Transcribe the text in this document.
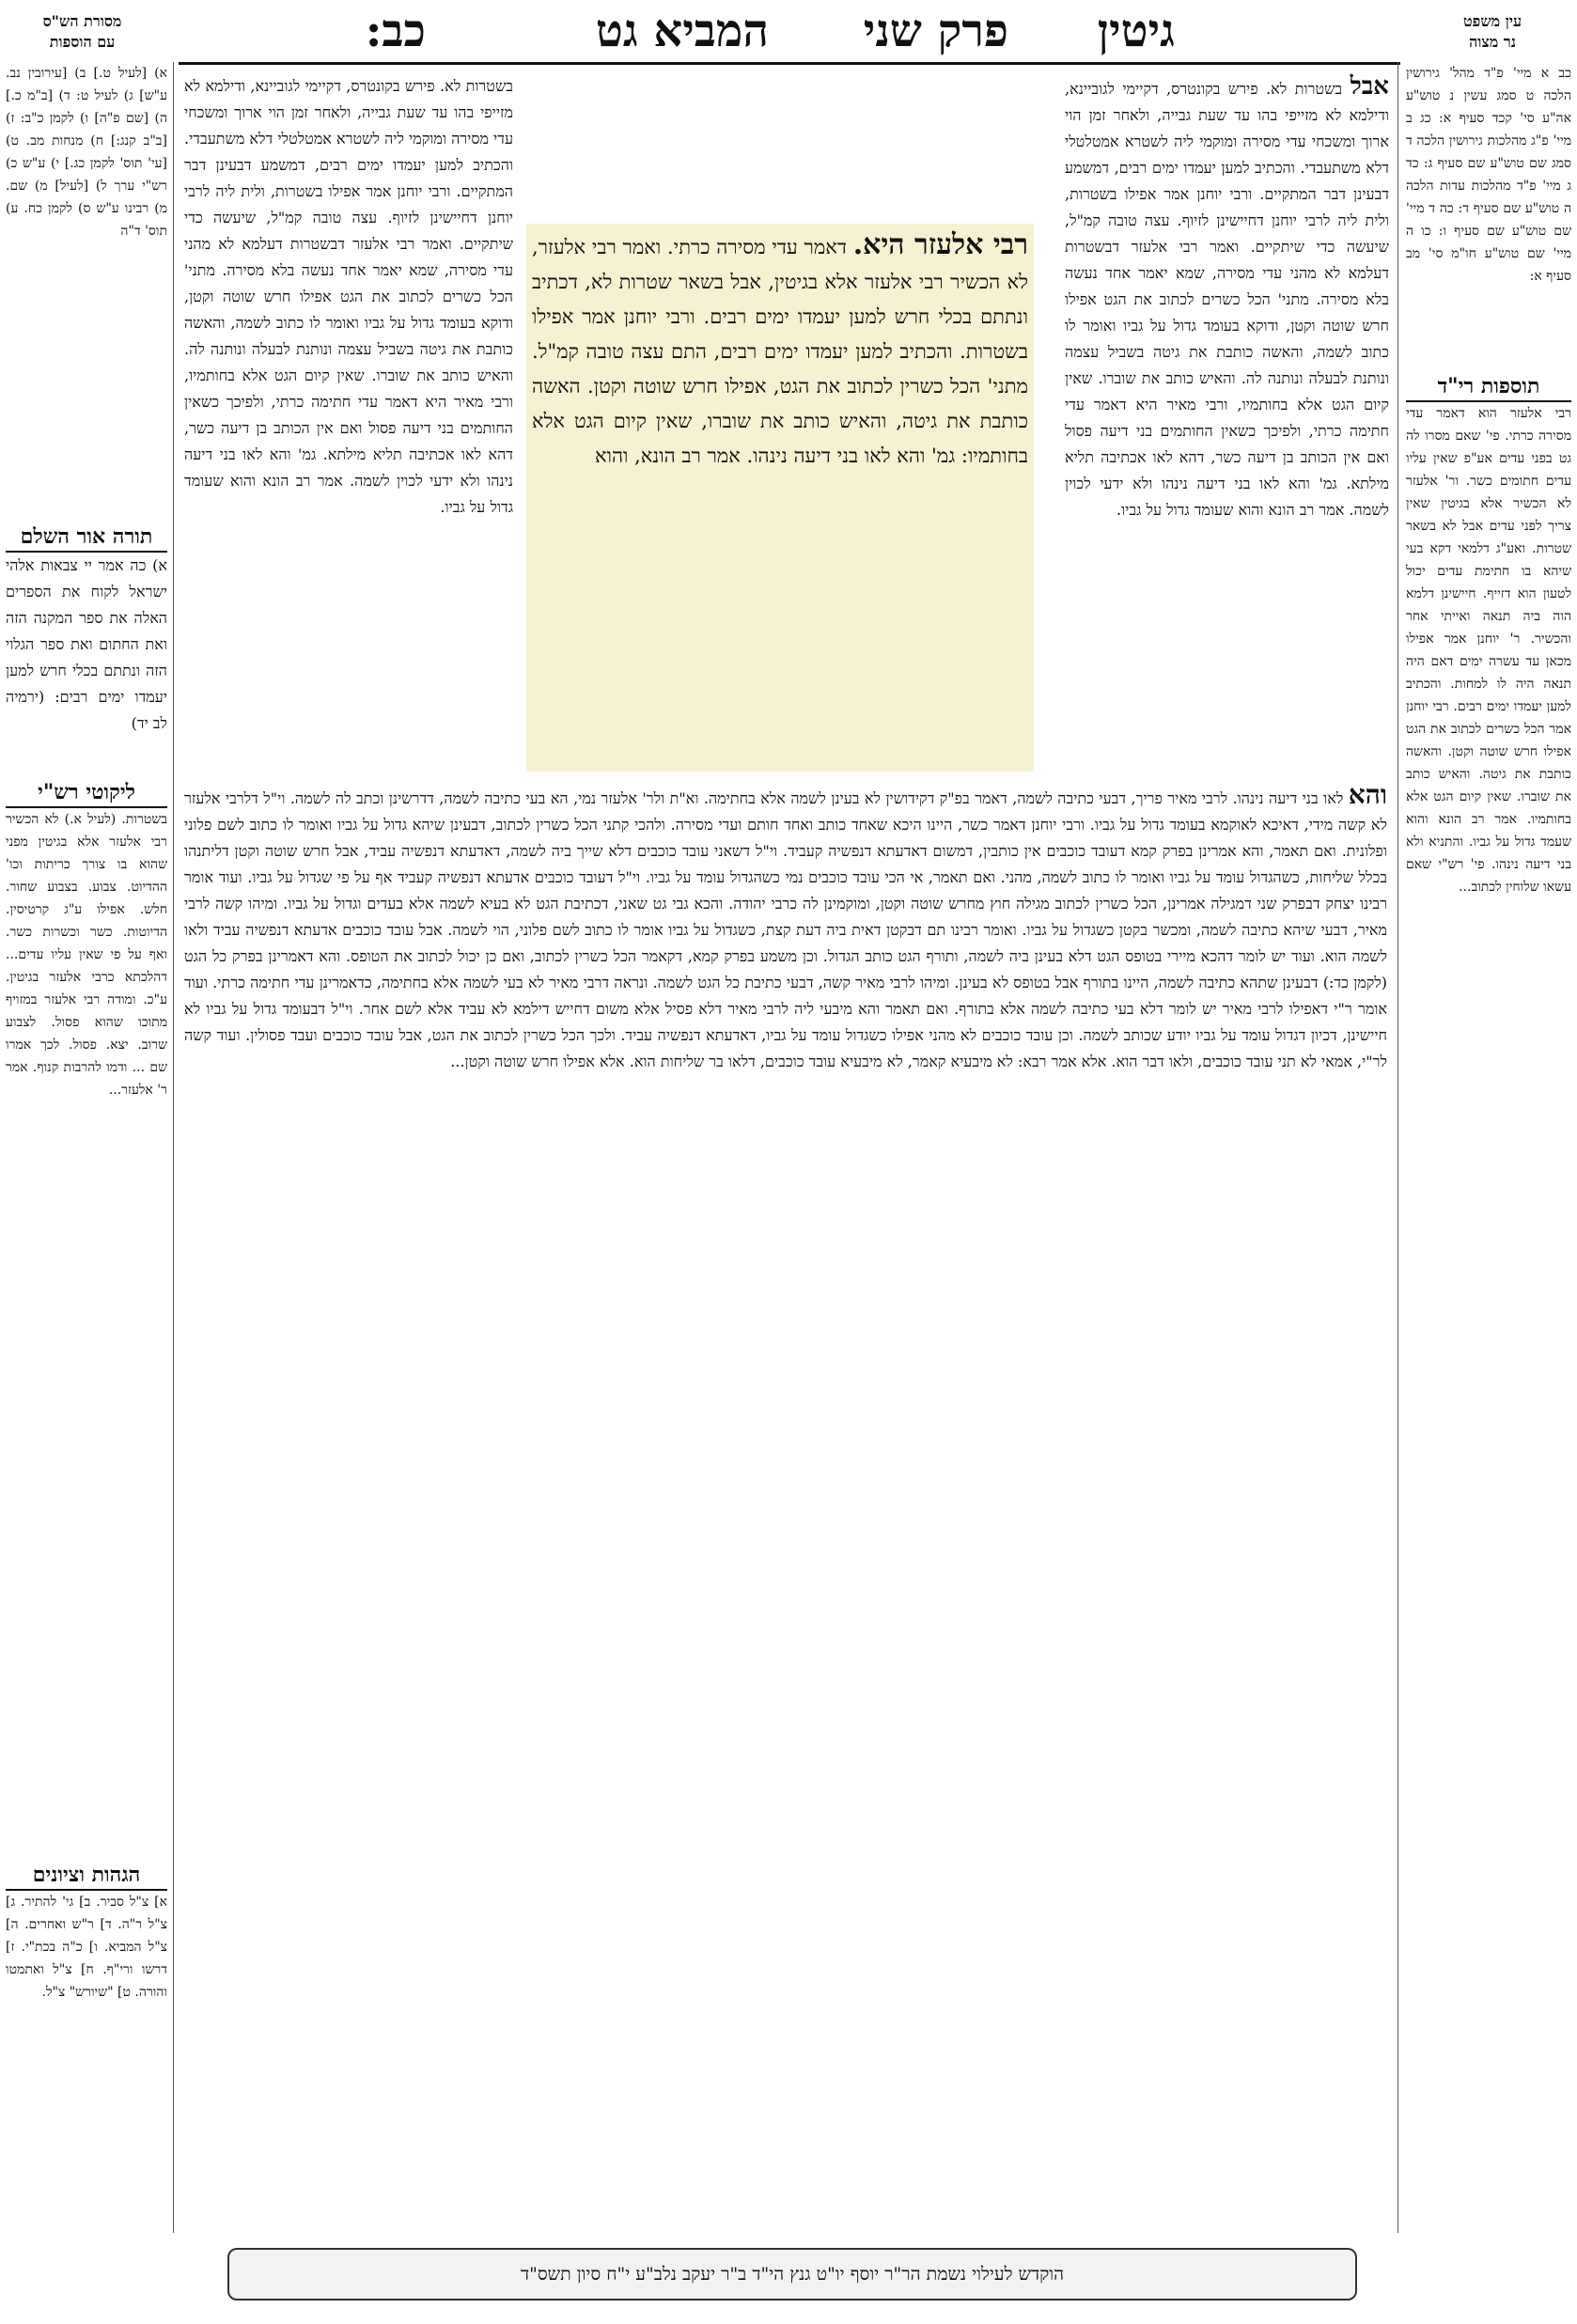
כב:	המביא גט פרק שני גיטין
מסורת הש"ס
עם הוספות
עין משפט
נר מצוה
א) [לעיל ט.] ב) [עירובין נב. ע"ש] ג) לעיל ט: ד) [ב"מ כ.] ה) [שם פ"ה] ו) לקמן כ"ב: ז) [ב"ב קנג:] ח) מנחות מב. ט) [עי' תוס' לקמן כג.] י) ע"ש כ) רש"י ערך ל) [לעיל] מ) שם. מ) רבינו ע"ש ס) לקמן כח. ע) תוס' ד"ה
תורה אור השלם
א) כה אמר יי צבאות אלהי ישראל לקוח את הספרים האלה את ספר המקנה הזה ואת החתום ואת ספר הגלוי הזה ונתתם בכלי חרש למען יעמדו ימים רבים: (ירמיה לב יד)
ליקוטי רש"י
בשטרות. (לעיל א.) לא הכשיר רבי אלעזר אלא בגיטין מפני שהוא בו צורך כריתות וכו' ההדיוט. צבוע. בצבוע שחור. חלש. אפילו ע"ג קרטיסין. הדיוטות. כשר וכשרות כשר. ואף על פי שאין עליו עדים... דהלכתא כרבי אלעזר בגיטין. ע"כ. ומודה רבי אלעזר במזויף מתוכו שהוא פסול. לצבוע שרוב. יצא. פסול. לכך אמרו שם ... ודמו להרבות קנוף. אמר ר' אלעזר...
הגהות וציונים
א] צ"ל סביר. ב] גי' להתיר. ג] צ"ל ר"ה. ד] ר"ש ואחרים. ה] צ"ל המביא. ו] כ"ה בכת"י. ז] דרשו ורי"ף. ח] צ"ל ואתמטו והורה. ט] "שיורש" צ"ל.
כב א מיי' פ"ד מהל' גירושין הלכה ט סמג עשין נ טוש"ע אה"ע סי' קכד סעיף א: כג ב מיי' פ"ג מהלכות גירושין הלכה ד סמג שם טוש"ע שם סעיף ג: כד ג מיי' פ"ד מהלכות עדות הלכה ה טוש"ע שם סעיף ד: כה ד מיי' שם טוש"ע שם סעיף ו: כו ה מיי' שם טוש"ע חו"מ סי' מב סעיף א:
תוספות רי"ד
רבי אלעזר הוא דאמר עדי מסירה כרתי. פי' שאם מסרו לה גט בפני עדים אע"פ שאין עליו עדים חתומים כשר. ור' אלעזר לא הכשיר אלא בגיטין שאין צריך לפני עדים אבל לא בשאר שטרות. ואע"ג דלמאי דקא בעי שיהא בו חתימת עדים יכול לטעון הוא דזייף. חיישינן דלמא הוה ביה תנאה ואייתי אחר והכשיר. ר' יוחנן אמר אפילו מכאן עד עשרה ימים דאם היה תנאה היה לו למחות. והכתיב למען יעמדו ימים רבים. רבי יוחנן אמר הכל כשרים לכתוב את הגט אפילו חרש שוטה וקטן. והאשה כותבת את גיטה. והאיש כותב את שוברו. שאין קיום הגט אלא בחותמיו. אמר רב הונא והוא שעמד גדול על גביו. והתניא ולא בני דיעה נינהו. פי' רש"י שאם עשאו שלוחין לכתוב...
אבל בשטרות לא. פירש בקונטרס, דקיימי לגוביינא, ודילמא לא מזייפי בהו עד שעת גבייה, ולאחר זמן הוי ארוך ומשכחי עדי מסירה ומוקמי ליה לשטרא אמטלטלי דלא משתעבדי. והכתיב למען יעמדו ימים רבים, דמשמע דבעינן דבר המתקיים. ורבי יוחנן אמר אפילו בשטרות, ולית ליה לרבי יוחנן דחיישינן לזיוף. עצה טובה קמ"ל, שיעשה כדי שיתקיים. ואמר רבי אלעזר דבשטרות דעלמא לא מהני עדי מסירה, שמא יאמר אחד נעשה בלא מסירה. מתני' הכל כשרים לכתוב את הגט אפילו חרש שוטה וקטן, ודוקא בעומד גדול על גביו ואומר לו כתוב לשמה, והאשה כותבת את גיטה בשביל עצמה ונותנת לבעלה ונותנה לה. והאיש כותב את שוברו. שאין קיום הגט אלא בחותמיו, ורבי מאיר היא דאמר עדי חתימה כרתי, ולפיכך כשאין החותמים בני דיעה פסול ואם אין הכותב בן דיעה כשר, דהא לאו אכתיבה תליא מילתא. גמ' והא לאו בני דיעה נינהו ולא ידעי לכוין לשמה. אמר רב הונא והוא שעומד גדול על גביו.
רבי אלעזר היא. דאמר עדי מסירה כרתי. ואמר רבי אלעזר, לא הכשיר רבי אלעזר אלא בגיטין, אבל בשאר שטרות לא, דכתיב ונתתם בכלי חרש למען יעמדו ימים רבים. ורבי יוחנן אמר אפילו בשטרות. והכתיב למען יעמדו ימים רבים, התם עצה טובה קמ"ל. מתני' הכל כשרין לכתוב את הגט, אפילו חרש שוטה וקטן. האשה כותבת את גיטה, והאיש כותב את שוברו, שאין קיום הגט אלא בחותמיו: גמ' והא לאו בני דיעה נינהו. אמר רב הונא, והוא
בשטרות לא. פירש בקונטרס, דקיימי לגוביינא, ודילמא לא מזייפי בהו עד שעת גבייה, ולאחר זמן הוי ארוך ומשכחי עדי מסירה ומוקמי ליה לשטרא אמטלטלי דלא משתעבדי. והכתיב למען יעמדו ימים רבים, דמשמע דבעינן דבר המתקיים. ורבי יוחנן אמר אפילו בשטרות, ולית ליה לרבי יוחנן דחיישינן לזיוף. עצה טובה קמ"ל, שיעשה כדי שיתקיים. ואמר רבי אלעזר דבשטרות דעלמא לא מהני עדי מסירה, שמא יאמר אחד נעשה בלא מסירה. מתני' הכל כשרים לכתוב את הגט אפילו חרש שוטה וקטן, ודוקא בעומד גדול על גביו ואומר לו כתוב לשמה, והאשה כותבת את גיטה בשביל עצמה ונותנת לבעלה ונותנה לה. והאיש כותב את שוברו. שאין קיום הגט אלא בחותמיו, ורבי מאיר היא דאמר עדי חתימה כרתי, ולפיכך כשאין החותמים בני דיעה פסול ואם אין הכותב בן דיעה כשר, דהא לאו אכתיבה תליא מילתא. גמ' והא לאו בני דיעה נינהו ולא ידעי לכוין לשמה. אמר רב הונא והוא שעומד גדול על גביו.
והא לאו בני דיעה נינהו. לרבי מאיר פריך, דבעי כתיבה לשמה, דאמר בפ"ק דקידושין לא בעינן לשמה אלא בחתימה. וא"ת ולר' אלעזר נמי, הא בעי כתיבה לשמה, דדרשינן וכתב לה לשמה. וי"ל דלרבי אלעזר לא קשה מידי, דאיכא לאוקמא בעומד גדול על גביו. ורבי יוחנן דאמר כשר, היינו היכא שאחד כותב ואחד חותם ועדי מסירה. ולהכי קתני הכל כשרין לכתוב, דבעינן שיהא גדול על גביו ואומר לו כתוב לשם פלוני ופלונית. ואם תאמר, והא אמרינן בפרק קמא דעובד כוכבים אין כותבין, דמשום דאדעתא דנפשיה קעביד. וי"ל דשאני עובד כוכבים דלא שייך ביה לשמה, דאדעתא דנפשיה עביד, אבל חרש שוטה וקטן דליתנהו בכלל שליחות, כשהגדול עומד על גביו ואומר לו כתוב לשמה, מהני. ואם תאמר, אי הכי עובד כוכבים נמי כשהגדול עומד על גביו. וי"ל דעובד כוכבים אדעתא דנפשיה קעביד אף על פי שגדול על גביו. ועוד אומר רבינו יצחק דבפרק שני דמגילה אמרינן, הכל כשרין לכתוב מגילה חוץ מחרש שוטה וקטן, ומוקמינן לה כרבי יהודה. והכא גבי גט שאני, דכתיבת הגט לא בעיא לשמה אלא בעדים וגדול על גביו. ומיהו קשה לרבי מאיר, דבעי שיהא כתיבה לשמה, ומכשר בקטן כשגדול על גביו. ואומר רבינו תם דבקטן דאית ביה דעת קצת, כשגדול על גביו אומר לו כתוב לשם פלוני, הוי לשמה. אבל עובד כוכבים אדעתא דנפשיה עביד ולאו לשמה הוא. ועוד יש לומר דהכא מיירי בטופס הגט דלא בעינן ביה לשמה, ותורף הגט כותב הגדול. וכן משמע בפרק קמא, דקאמר הכל כשרין לכתוב, ואם כן יכול לכתוב את הטופס. והא דאמרינן בפרק כל הגט (לקמן כד:) דבעינן שתהא כתיבה לשמה, היינו בתורף אבל בטופס לא בעינן. ומיהו לרבי מאיר קשה, דבעי כתיבת כל הגט לשמה. ונראה דרבי מאיר לא בעי לשמה אלא בחתימה, כדאמרינן עדי חתימה כרתי. ועוד אומר ר"י דאפילו לרבי מאיר יש לומר דלא בעי כתיבה לשמה אלא בתורף. ואם תאמר והא מיבעי ליה לרבי מאיר דלא פסיל אלא משום דחייש דילמא לא עביד אלא לשם אחר. וי"ל דבעומד גדול על גביו לא חיישינן, דכיון דגדול עומד על גביו יודע שכותב לשמה. וכן עובד כוכבים לא מהני אפילו כשגדול עומד על גביו, דאדעתא דנפשיה עביד. ולכך הכל כשרין לכתוב את הגט, אבל עובד כוכבים ועבד פסולין. ועוד קשה לר"י, אמאי לא תני עובד כוכבים, ולאו דבר הוא. אלא אמר רבא: לא מיבעיא קאמר, לא מיבעיא עובד כוכבים, דלאו בר שליחות הוא. אלא אפילו חרש שוטה וקטן...
הוקדש לעילוי נשמת הר"ר יוסף יו"ט גנץ הי"ד ב"ר יעקב נלב"ע י"ח סיון תשס"ד
